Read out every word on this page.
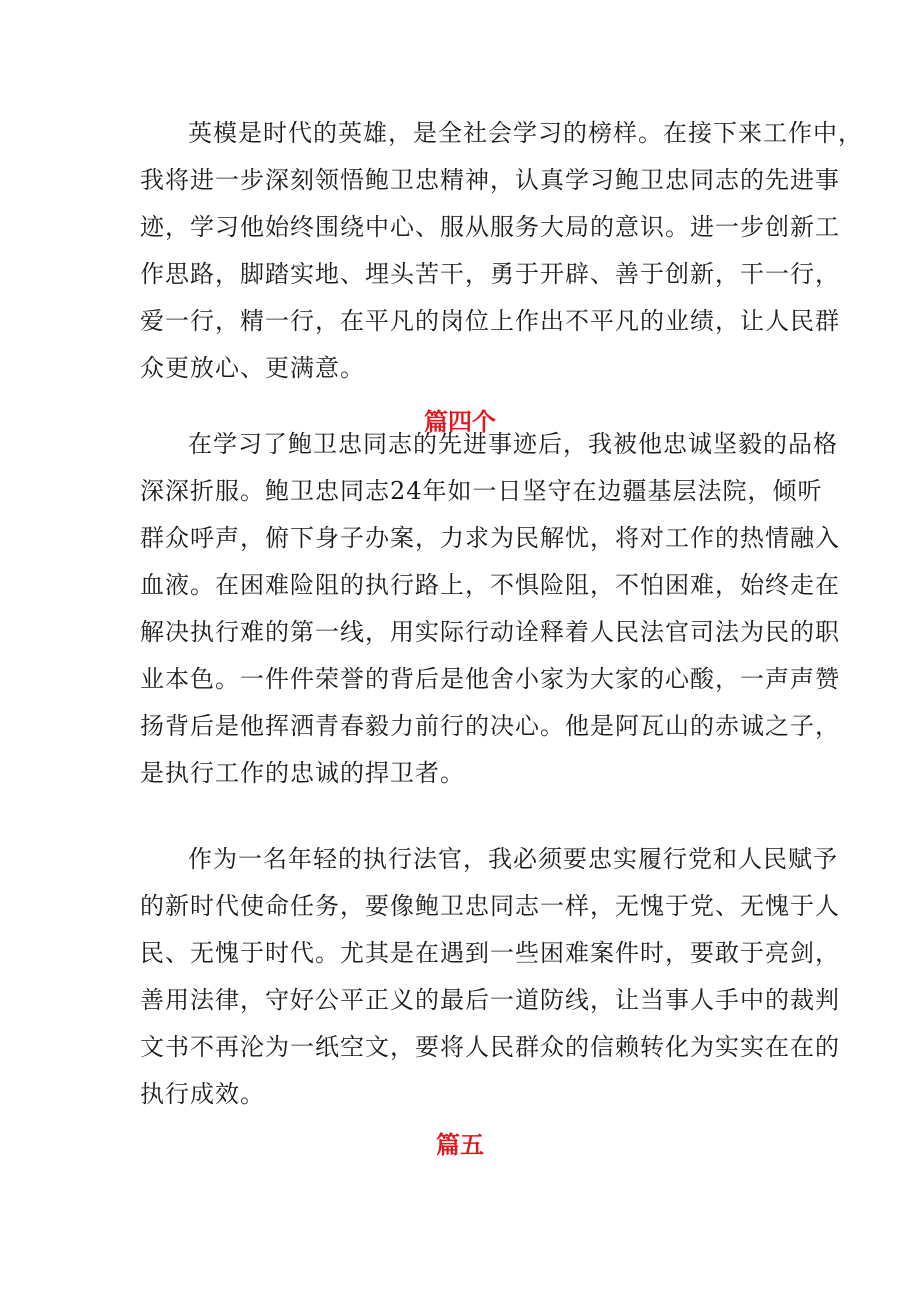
英模是时代的英雄，是全社会学习的榜样。在接下来工作中，
我将进一步深刻领悟鲍卫忠精神，认真学习鲍卫忠同志的先进事
迹，学习他始终围绕中心、服从服务大局的意识。进一步创新工
作思路，脚踏实地、埋头苦干，勇于开辟、善于创新，干一行，
爱一行，精一行，在平凡的岗位上作出不平凡的业绩，让人民群
众更放心、更满意。
篇四个
在学习了鲍卫忠同志的先进事迹后，我被他忠诚坚毅的品格
深深折服。鲍卫忠同志24年如一日坚守在边疆基层法院，倾听
群众呼声，俯下身子办案，力求为民解忧，将对工作的热情融入
血液。在困难险阻的执行路上，不惧险阻，不怕困难，始终走在
解决执行难的第一线，用实际行动诠释着人民法官司法为民的职
业本色。一件件荣誉的背后是他舍小家为大家的心酸，一声声赞
扬背后是他挥洒青春毅力前行的决心。他是阿瓦山的赤诚之子，
是执行工作的忠诚的捍卫者。
作为一名年轻的执行法官，我必须要忠实履行党和人民赋予
的新时代使命任务，要像鲍卫忠同志一样，无愧于党、无愧于人
民、无愧于时代。尤其是在遇到一些困难案件时，要敢于亮剑，
善用法律，守好公平正义的最后一道防线，让当事人手中的裁判
文书不再沦为一纸空文，要将人民群众的信赖转化为实实在在的
执行成效。
篇五
